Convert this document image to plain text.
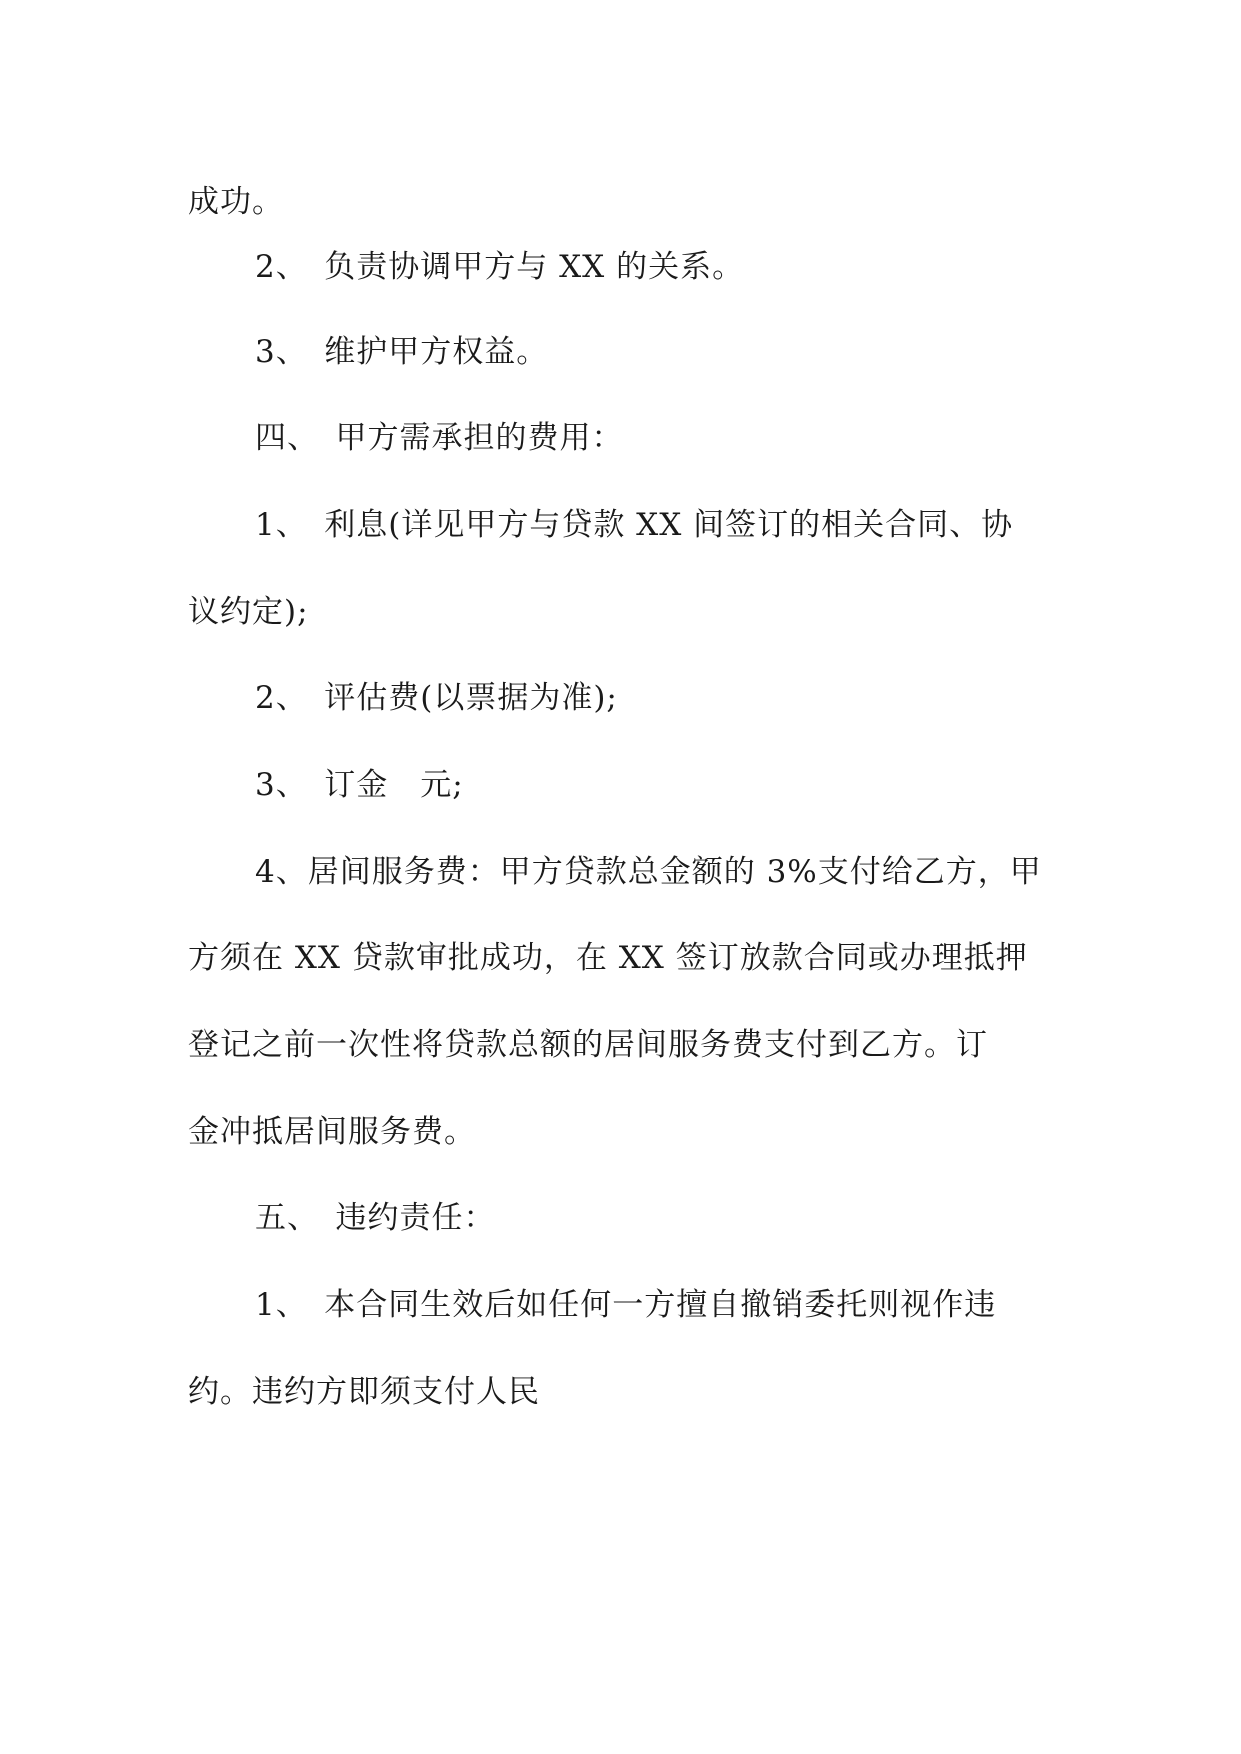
成功。
2、　负责协调甲方与 XX 的关系。
3、　维护甲方权益。
四、　甲方需承担的费用：
1、　利息(详见甲方与贷款 XX 间签订的相关合同、协
议约定);
2、　评估费(以票据为准);
3、　订金　元;
4、居间服务费：甲方贷款总金额的 3%支付给乙方，甲
方须在 XX 贷款审批成功，在 XX 签订放款合同或办理抵押
登记之前一次性将贷款总额的居间服务费支付到乙方。订
金冲抵居间服务费。
五、　违约责任：
1、　本合同生效后如任何一方擅自撤销委托则视作违
约。违约方即须支付人民
